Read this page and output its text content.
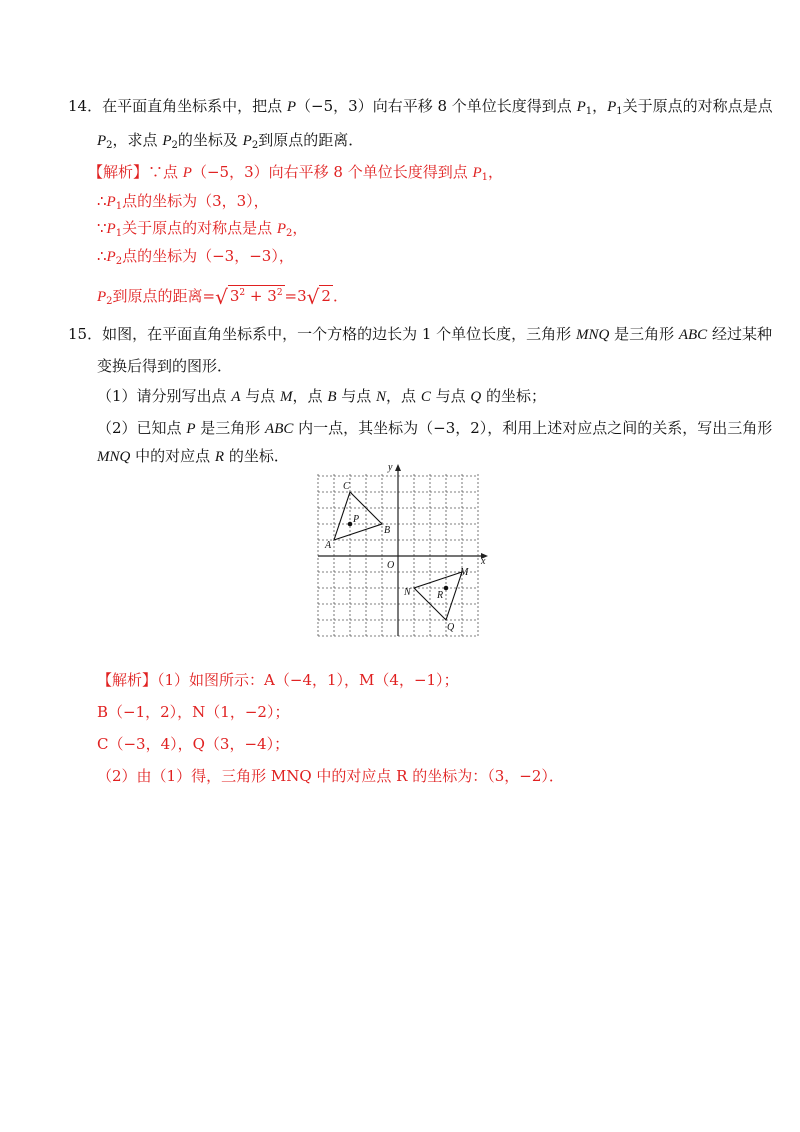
14．在平面直角坐标系中，把点 P（−5，3）向右平移 8 个单位长度得到点 $P_1$，$P_1$关于原点的对称点是点
$P_2$，求点 $P_2$的坐标及 $P_2$到原点的距离．
【解析】∵点 P（−5，3）向右平移 8 个单位长度得到点 $P_1$，
$\therefore P_1$点的坐标为（3，3），
$\because P_1$关于原点的对称点是点 $P_2$，
$\therefore P_2$点的坐标为（−3，−3），
$P_2$到原点的距离=√ $3^2 + 3^2 =3√$ 2 ．
15．如图，在平面直角坐标系中，一个方格的边长为 1 个单位长度，三角形 MNQ 是三角形 ABC 经过某种
变换后得到的图形．
（1）请分别写出点 A 与点 M，点 B 与点 N，点 C 与点 Q 的坐标；
（2）已知点 P 是三角形 ABC 内一点，其坐标为（−3，2），利用上述对应点之间的关系，写出三角形
MNQ 中的对应点 R 的坐标．
A
B
C
P
M
N
Q
R
O	x
y
【解析】（1）如图所示：A（−4，1），M（4，−1）；
B（−1，2），N（1，−2）；
C（−3，4），Q（3，−4）；
（2）由（1）得，三角形 MNQ 中的对应点 R 的坐标为：（3，−2）．
